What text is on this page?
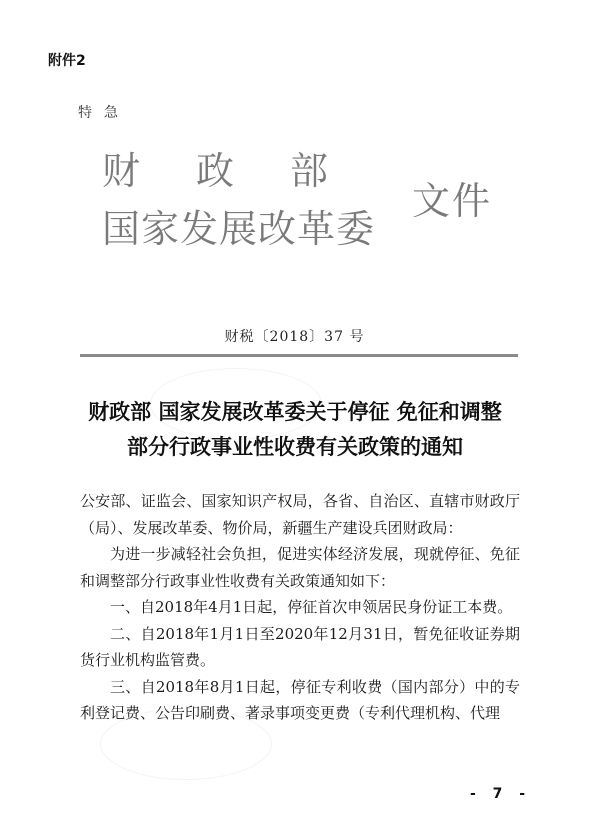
附件2
特急
财政部
国家发展改革委
文件
财税〔2018〕37 号
财政部 国家发展改革委关于停征 免征和调整
部分行政事业性收费有关政策的通知

公安部、证监会、国家知识产权局，各省、自治区、直辖市财政厅（局）、发展改革委、物价局，新疆生产建设兵团财政局：

为进一步减轻社会负担，促进实体经济发展，现就停征、免征和调整部分行政事业性收费有关政策通知如下：

一、自2018年4月1日起，停征首次申领居民身份证工本费。

二、自2018年1月1日至2020年12月31日，暂免征收证券期货行业机构监管费。

三、自2018年8月1日起，停征专利收费（国内部分）中的专利登记费、公告印刷费、著录事项变更费（专利代理机构、代理

- 7 -
